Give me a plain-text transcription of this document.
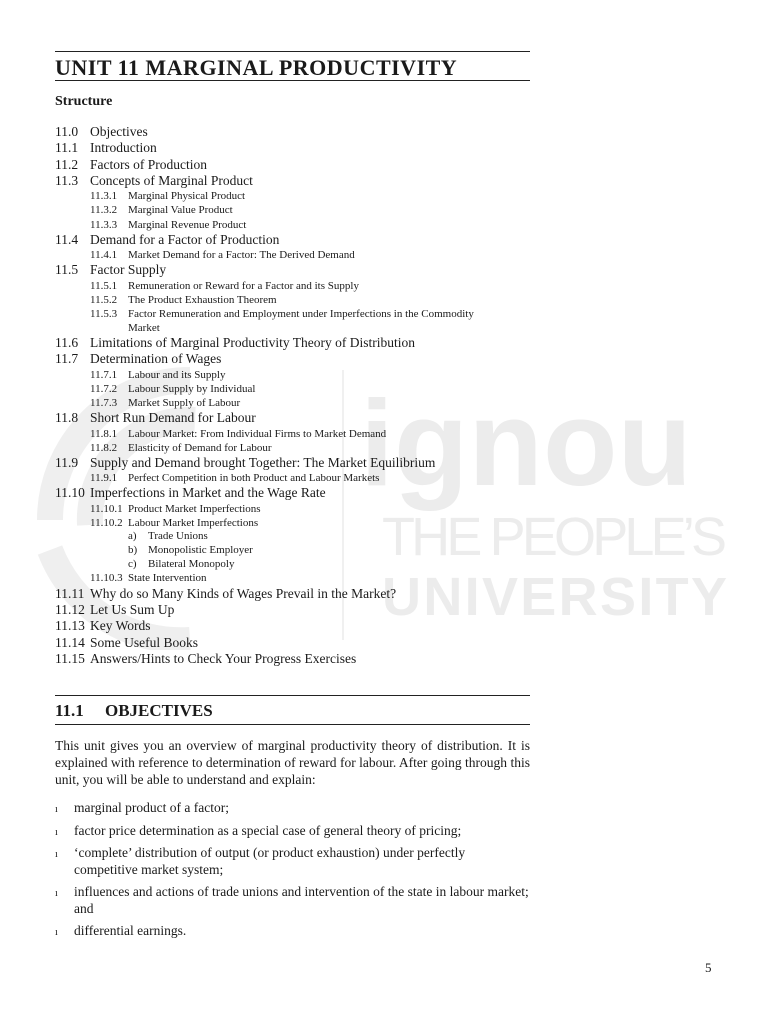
ignou
THE PEOPLE’S
UNIVERSITY
UNIT 11 MARGINAL PRODUCTIVITY
Structure
11.0 Objectives
11.1 Introduction
11.2 Factors of Production
11.3 Concepts of Marginal Product
11.3.1 Marginal Physical Product
11.3.2 Marginal Value Product
11.3.3 Marginal Revenue Product
11.4 Demand for a Factor of Production
11.4.1 Market Demand for a Factor: The Derived Demand
11.5 Factor Supply
11.5.1 Remuneration or Reward for a Factor and its Supply
11.5.2 The Product Exhaustion Theorem
11.5.3 Factor Remuneration and Employment under Imperfections in the Commodity
Market
11.6 Limitations of Marginal Productivity Theory of Distribution
11.7 Determination of Wages
11.7.1 Labour and its Supply
11.7.2 Labour Supply by Individual
11.7.3 Market Supply of Labour
11.8 Short Run Demand for Labour
11.8.1 Labour Market: From Individual Firms to Market Demand
11.8.2 Elasticity of Demand for Labour
11.9 Supply and Demand brought Together: The Market Equilibrium
11.9.1 Perfect Competition in both Product and Labour Markets
11.10 Imperfections in Market and the Wage Rate
11.10.1 Product Market Imperfections
11.10.2 Labour Market Imperfections
a) Trade Unions
b) Monopolistic Employer
c) Bilateral Monopoly
11.10.3 State Intervention
11.11 Why do so Many Kinds of Wages Prevail in the Market?
11.12 Let Us Sum Up
11.13 Key Words
11.14 Some Useful Books
11.15 Answers/Hints to Check Your Progress Exercises
11.1 OBJECTIVES

This unit gives you an overview of marginal productivity theory of distribution. It is explained with reference to determination of reward for labour. After going through this unit, you will be able to understand and explain:

ı marginal product of a factor;
ı factor price determination as a special case of general theory of pricing;
ı ‘complete’ distribution of output (or product exhaustion) under perfectly competitive market system;
ı influences and actions of trade unions and intervention of the state in labour market; and
ı differential earnings.
5
